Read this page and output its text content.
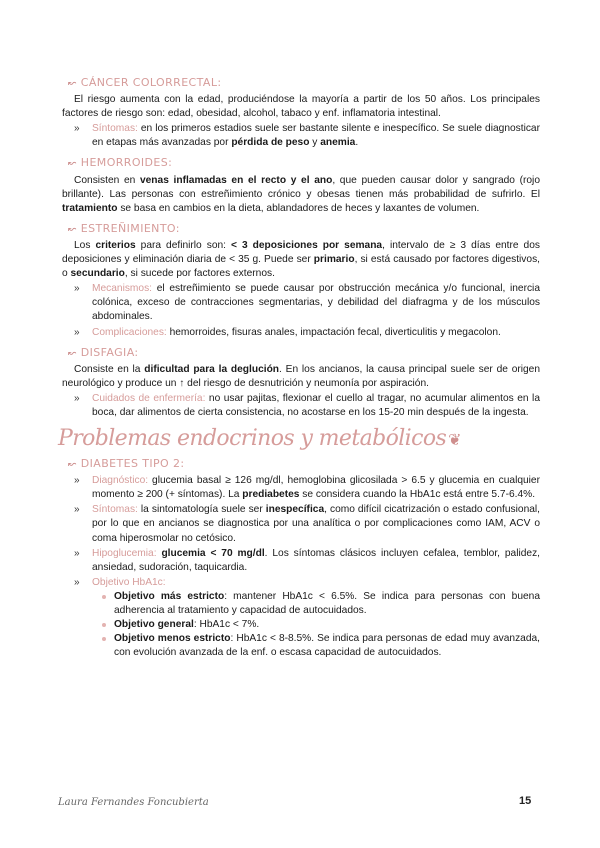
↜ CÁNCER COLORRECTAL:

El riesgo aumenta con la edad, produciéndose la mayoría a partir de los 50 años. Los principales factores de riesgo son: edad, obesidad, alcohol, tabaco y enf. inflamatoria intestinal.

» Síntomas: en los primeros estadios suele ser bastante silente e inespecífico. Se suele diagnosticar en etapas más avanzadas por pérdida de peso y anemia.
↜ HEMORROIDES:

Consisten en venas inflamadas en el recto y el ano, que pueden causar dolor y sangrado (rojo brillante). Las personas con estreñimiento crónico y obesas tienen más probabilidad de sufrirlo. El tratamiento se basa en cambios en la dieta, ablandadores de heces y laxantes de volumen.

↜ ESTREÑIMIENTO:

Los criterios para definirlo son: < 3 deposiciones por semana, intervalo de ≥ 3 días entre dos deposiciones y eliminación diaria de < 35 g. Puede ser primario, si está causado por factores digestivos, o secundario, si sucede por factores externos.

» Mecanismos: el estreñimiento se puede causar por obstrucción mecánica y/o funcional, inercia colónica, exceso de contracciones segmentarias, y debilidad del diafragma y de los músculos abdominales.
» Complicaciones: hemorroides, fisuras anales, impactación fecal, diverticulitis y megacolon.
↜ DISFAGIA:

Consiste en la dificultad para la deglución. En los ancianos, la causa principal suele ser de origen neurológico y produce un ↑ del riesgo de desnutrición y neumonía por aspiración.

» Cuidados de enfermería: no usar pajitas, flexionar el cuello al tragar, no acumular alimentos en la boca, dar alimentos de cierta consistencia, no acostarse en los 15-20 min después de la ingesta.
Problemas endocrinos y metabólicos ❦
↜ DIABETES TIPO 2:
» Diagnóstico: glucemia basal ≥ 126 mg/dl, hemoglobina glicosilada > 6.5 y glucemia en cualquier momento ≥ 200 (+ síntomas). La prediabetes se considera cuando la HbA1c está entre 5.7-6.4%.
» Síntomas: la sintomatología suele ser inespecífica, como difícil cicatrización o estado confusional, por lo que en ancianos se diagnostica por una analítica o por complicaciones como IAM, ACV o coma hiperosmolar no cetósico.
» Hipoglucemia: glucemia < 70 mg/dl. Los síntomas clásicos incluyen cefalea, temblor, palidez, ansiedad, sudoración, taquicardia.
» Objetivo HbA1c:
Objetivo más estricto: mantener HbA1c < 6.5%. Se indica para personas con buena adherencia al tratamiento y capacidad de autocuidados.
Objetivo general: HbA1c < 7%.
Objetivo menos estricto: HbA1c < 8-8.5%. Se indica para personas de edad muy avanzada, con evolución avanzada de la enf. o escasa capacidad de autocuidados.
Laura Fernandes Foncubierta	15
